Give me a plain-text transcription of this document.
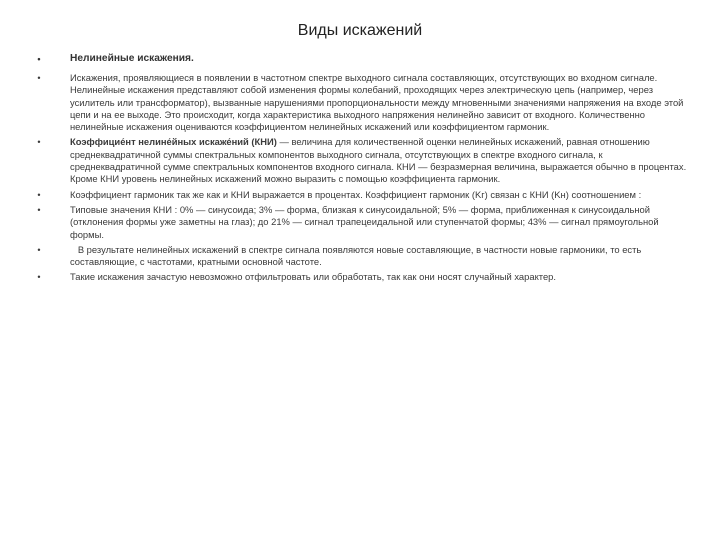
Виды искажений
•	Нелинейные искажения.
•	Искажения, проявляющиеся в появлении в частотном спектре выходного сигнала составляющих, отсутствующих во входном сигнале. Нелинейные искажения представляют собой изменения формы колебаний, проходящих через электрическую цепь (например, через усилитель или трансформатор), вызванные нарушениями пропорциональности между мгновенными значениями напряжения на входе этой цепи и на ее выходе. Это происходит, когда характеристика выходного напряжения нелинейно зависит от входного. Количественно нелинейные искажения оцениваются коэффициентом нелинейных искажений или коэффициентом гармоник.
•	Коэффицие́нт нелине́йных искаже́ний (КНИ) — величина для количественной оценки нелинейных искажений, равная отношению среднеквадратичной суммы спектральных компонентов выходного сигнала, отсутствующих в спектре входного сигнала, к среднеквадратичной сумме спектральных компонентов входного сигнала. КНИ — безразмерная величина, выражается обычно в процентах. Кроме КНИ уровень нелинейных искажений можно выразить с помощью коэффициента гармоник.
•	Коэффициент гармоник так же как и КНИ выражается в процентах. Коэффициент гармоник (Kг) связан с КНИ (Kн) соотношением :
•	Типовые значения КНИ : 0% — синусоида; 3% — форма, близкая к синусоидальной; 5% — форма, приближенная к синусоидальной (отклонения формы уже заметны на глаз); до 21% — сигнал трапецеидальной или ступенчатой формы; 43% — сигнал прямоугольной формы.
•	В результате нелинейных искажений в спектре сигнала появляются новые составляющие, в частности новые гармоники, то есть составляющие, с частотами, кратными основной частоте.
•	Такие искажения зачастую невозможно отфильтровать или обработать, так как они носят случайный характер.
